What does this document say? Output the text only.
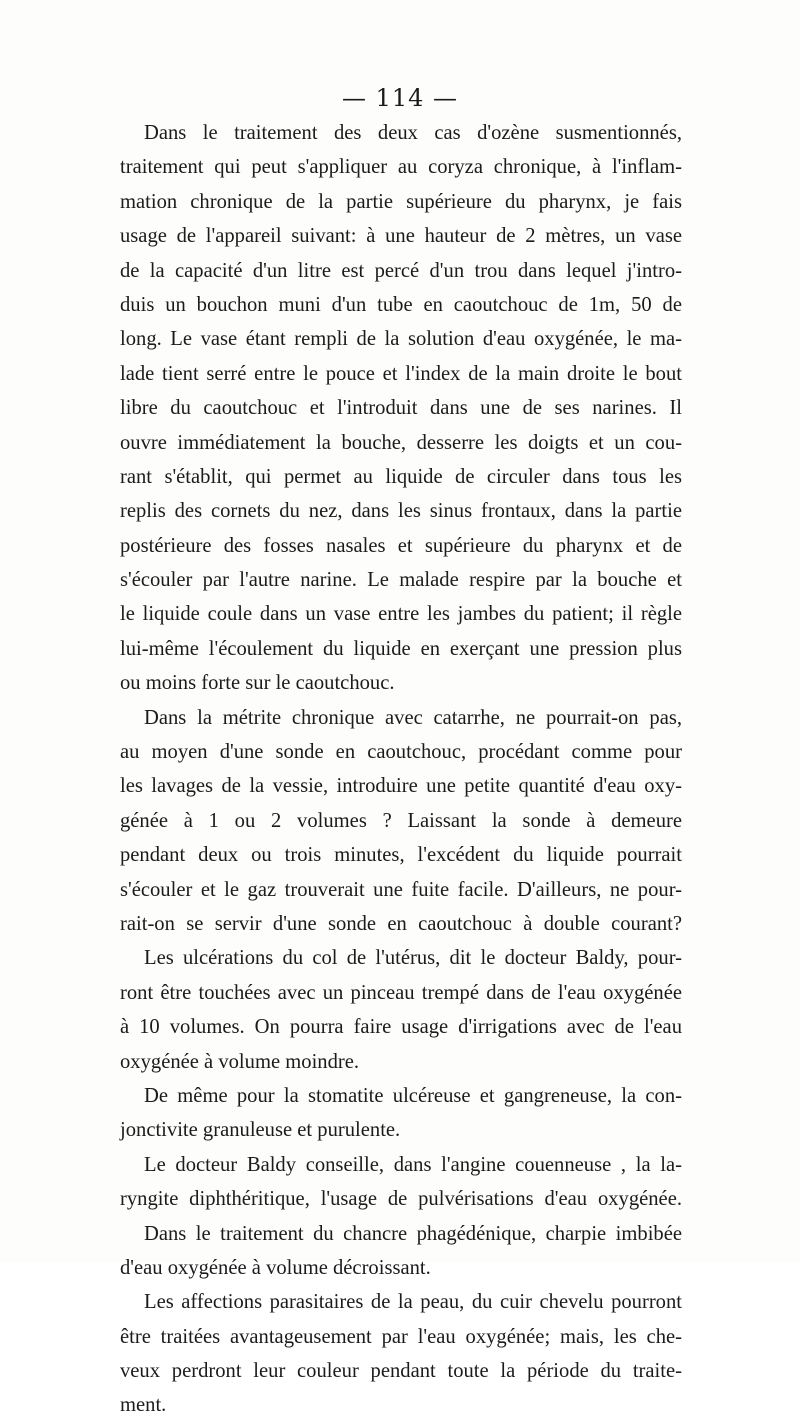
— 114 —
Dans le traitement des deux cas d'ozène susmentionnés,
traitement qui peut s'appliquer au coryza chronique, à l'inflam-
mation chronique de la partie supérieure du pharynx, je fais
usage de l'appareil suivant: à une hauteur de 2 mètres, un vase
de la capacité d'un litre est percé d'un trou dans lequel j'intro-
duis un bouchon muni d'un tube en caoutchouc de 1m, 50 de
long. Le vase étant rempli de la solution d'eau oxygénée, le ma-
lade tient serré entre le pouce et l'index de la main droite le bout
libre du caoutchouc et l'introduit dans une de ses narines. Il
ouvre immédiatement la bouche, desserre les doigts et un cou-
rant s'établit, qui permet au liquide de circuler dans tous les
replis des cornets du nez, dans les sinus frontaux, dans la partie
postérieure des fosses nasales et supérieure du pharynx et de
s'écouler par l'autre narine. Le malade respire par la bouche et
le liquide coule dans un vase entre les jambes du patient; il règle
lui-même l'écoulement du liquide en exerçant une pression plus
ou moins forte sur le caoutchouc.
Dans la métrite chronique avec catarrhe, ne pourrait-on pas,
au moyen d'une sonde en caoutchouc, procédant comme pour
les lavages de la vessie, introduire une petite quantité d'eau oxy-
génée à 1 ou 2 volumes ? Laissant la sonde à demeure
pendant deux ou trois minutes, l'excédent du liquide pourrait
s'écouler et le gaz trouverait une fuite facile. D'ailleurs, ne pour-
rait-on se servir d'une sonde en caoutchouc à double courant?
Les ulcérations du col de l'utérus, dit le docteur Baldy, pour-
ront être touchées avec un pinceau trempé dans de l'eau oxygénée
à 10 volumes. On pourra faire usage d'irrigations avec de l'eau
oxygénée à volume moindre.
De même pour la stomatite ulcéreuse et gangreneuse, la con-
jonctivite granuleuse et purulente.
Le docteur Baldy conseille, dans l'angine couenneuse , la la-
ryngite diphthéritique, l'usage de pulvérisations d'eau oxygénée.
Dans le traitement du chancre phagédénique, charpie imbibée
d'eau oxygénée à volume décroissant.
Les affections parasitaires de la peau, du cuir chevelu pourront
être traitées avantageusement par l'eau oxygénée; mais, les che-
veux perdront leur couleur pendant toute la période du traite-
ment.
